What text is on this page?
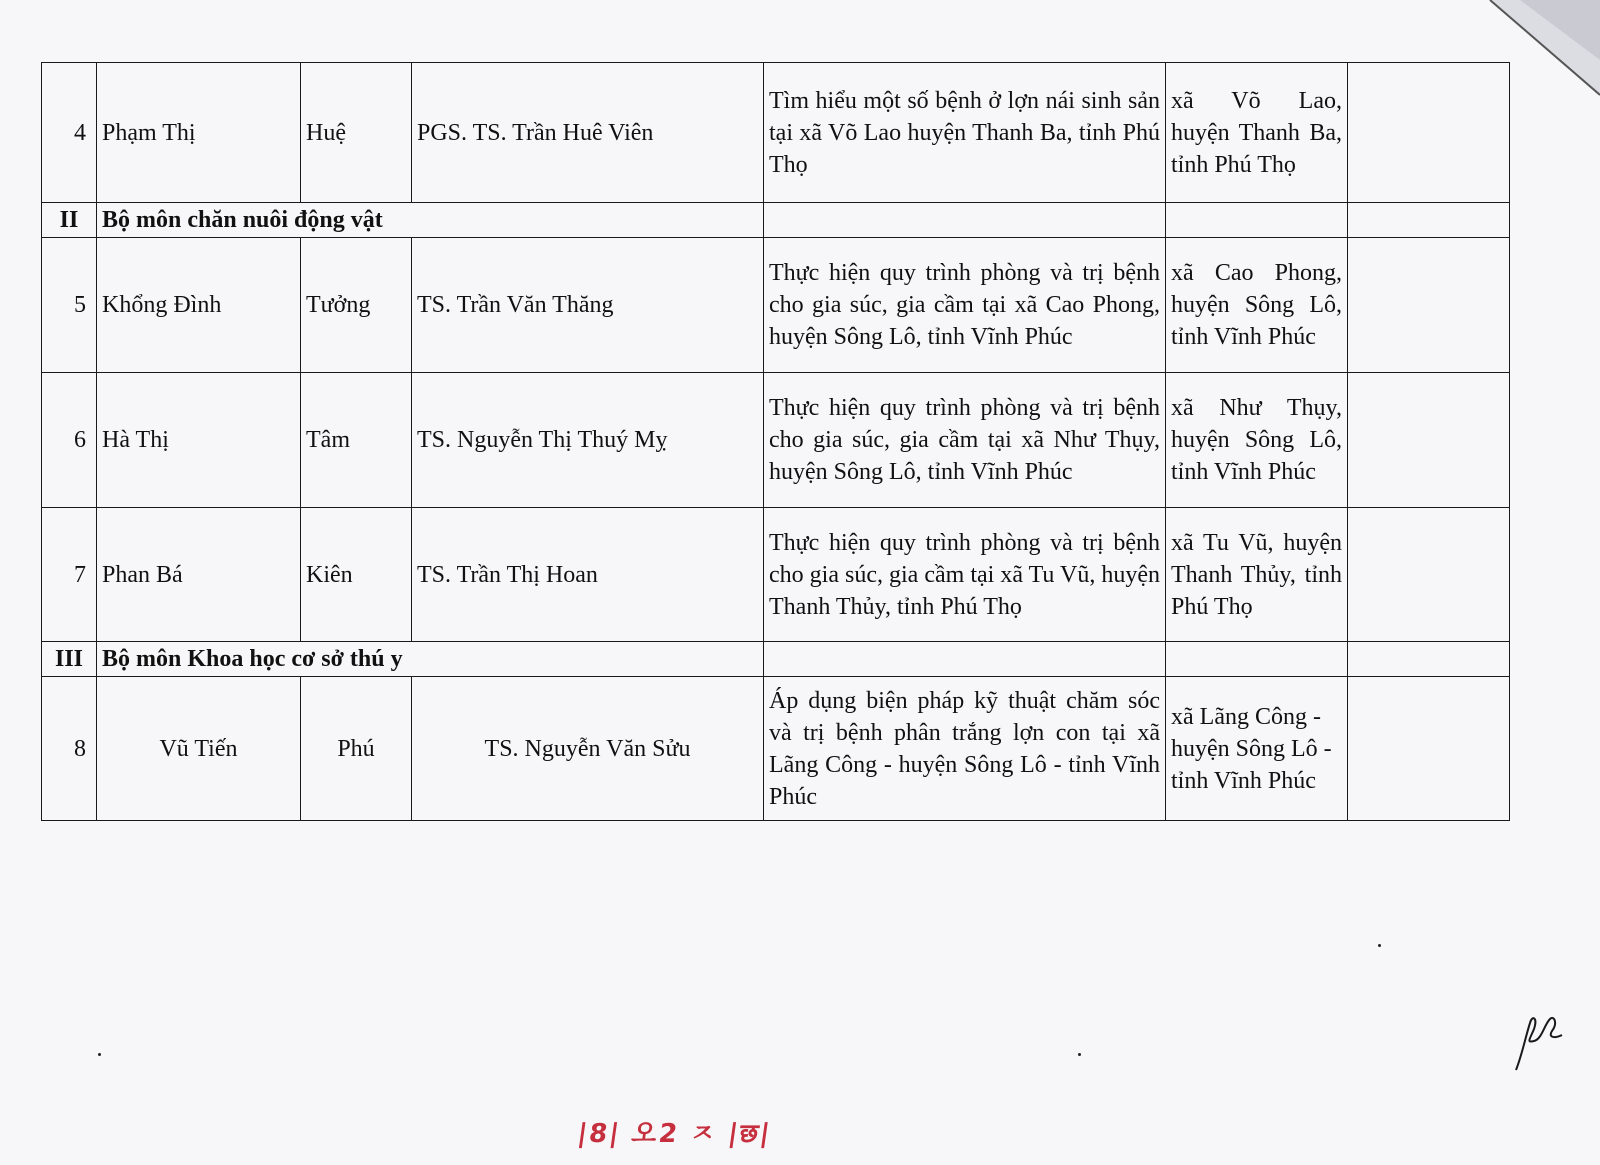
4	Phạm Thị	Huệ	PGS. TS. Trần Huê Viên	Tìm hiểu một số bệnh ở lợn nái sinh sản tại xã Võ Lao huyện Thanh Ba, tỉnh Phú Thọ	xã Võ Lao, huyện Thanh Ba, tỉnh Phú Thọ	
II	Bộ môn chăn nuôi động vật					
5	Khổng Đình	Tưởng	TS. Trần Văn Thăng	Thực hiện quy trình phòng và trị bệnh cho gia súc, gia cầm tại xã Cao Phong, huyện Sông Lô, tỉnh Vĩnh Phúc	xã Cao Phong, huyện Sông Lô, tỉnh Vĩnh Phúc	
6	Hà Thị	Tâm	TS. Nguyễn Thị Thuý Mỵ	Thực hiện quy trình phòng và trị bệnh cho gia súc, gia cầm tại xã Như Thụy, huyện Sông Lô, tỉnh Vĩnh Phúc	xã Như Thụy, huyện Sông Lô, tỉnh Vĩnh Phúc	
7	Phan Bá	Kiên	TS. Trần Thị Hoan	Thực hiện quy trình phòng và trị bệnh cho gia súc, gia cầm tại xã Tu Vũ, huyện Thanh Thủy, tỉnh Phú Thọ	xã Tu Vũ, huyện Thanh Thủy, tỉnh Phú Thọ	
III	Bộ môn Khoa học cơ sở thú y					
8	Vũ Tiến	Phú	TS. Nguyễn Văn Sửu	Áp dụng biện pháp kỹ thuật chăm sóc và trị bệnh phân trắng lợn con tại xã Lãng Công - huyện Sông Lô - tỉnh Vĩnh Phúc	xã Lãng Công - huyện Sông Lô - tỉnh Vĩnh Phúc	
|8| 오2 ㅈ |छ|
